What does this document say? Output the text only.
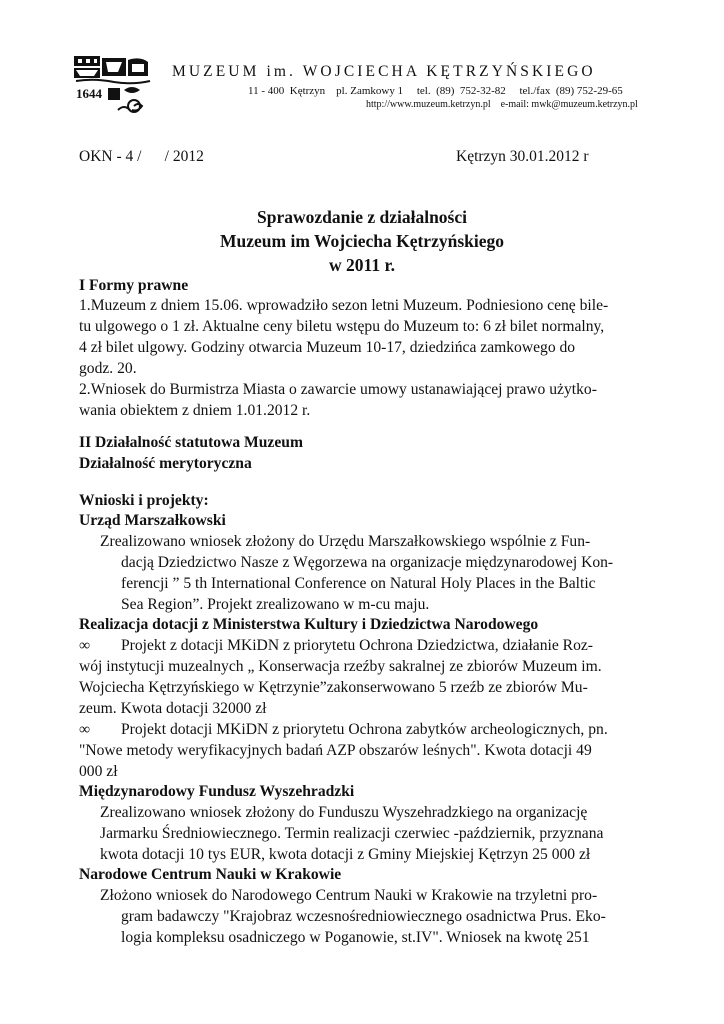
1644
MUZEUM im. WOJCIECHA KĘTRZYŃSKIEGO
11 - 400  Kętrzyn    pl. Zamkowy 1     tel.  (89)  752-32-82     tel./fax  (89) 752-29-65
http://www.muzeum.ketrzyn.pl    e-mail: mwk@muzeum.ketrzyn.pl
OKN - 4 /      / 2012	Kętrzyn 30.01.2012 r
Sprawozdanie z działalności
Muzeum im Wojciecha Kętrzyńskiego
w 2011 r.
I Formy prawne
1.Muzeum z dniem 15.06. wprowadziło sezon letni Muzeum. Podniesiono cenę bile-
tu ulgowego o 1 zł. Aktualne ceny biletu wstępu do Muzeum to: 6 zł bilet normalny,
4 zł bilet ulgowy. Godziny otwarcia Muzeum 10-17, dziedzińca zamkowego do
godz. 20.
2.Wniosek do Burmistrza Miasta o zawarcie umowy ustanawiającej prawo użytko-
wania obiektem z dniem 1.01.2012 r.
II Działalność statutowa Muzeum
Działalność merytoryczna
Wnioski i projekty:
Urząd Marszałkowski
Zrealizowano wniosek złożony do Urzędu Marszałkowskiego wspólnie z Fun-
dacją Dziedzictwo Nasze z Węgorzewa na organizacje międzynarodowej Kon-
ferencji ” 5 th International Conference on Natural Holy Places in the Baltic
Sea Region”. Projekt zrealizowano w m-cu maju.
Realizacja dotacji z Ministerstwa Kultury i Dziedzictwa Narodowego
∞ Projekt z dotacji MKiDN z priorytetu Ochrona Dziedzictwa, działanie Roz-
wój instytucji muzealnych „ Konserwacja rzeźby sakralnej ze zbiorów Muzeum im.
Wojciecha Kętrzyńskiego w Kętrzynie”zakonserwowano 5 rzeźb ze zbiorów Mu-
zeum. Kwota dotacji 32000 zł
∞ Projekt dotacji MKiDN z priorytetu Ochrona zabytków archeologicznych, pn.
"Nowe metody weryfikacyjnych badań AZP obszarów leśnych". Kwota dotacji 49
000 zł
Międzynarodowy Fundusz Wyszehradzki
Zrealizowano wniosek złożony do Funduszu Wyszehradzkiego na organizację
Jarmarku Średniowiecznego. Termin realizacji czerwiec -październik, przyznana
kwota dotacji 10 tys EUR, kwota dotacji z Gminy Miejskiej Kętrzyn 25 000 zł
Narodowe Centrum Nauki w Krakowie
Złożono wniosek do Narodowego Centrum Nauki w Krakowie na trzyletni pro-
gram badawczy "Krajobraz wczesnośredniowiecznego osadnictwa Prus. Eko-
logia kompleksu osadniczego w Poganowie, st.IV". Wniosek na kwotę 251
